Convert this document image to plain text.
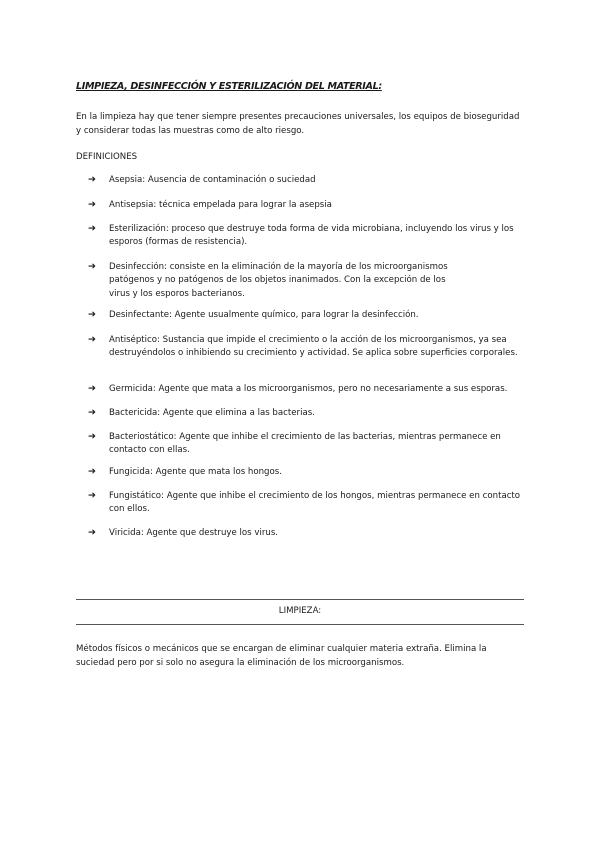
LIMPIEZA, DESINFECCIÓN Y ESTERILIZACIÓN DEL MATERIAL:
En la limpieza hay que tener siempre presentes precauciones universales, los equipos de bioseguridad y considerar todas las muestras como de alto riesgo.
DEFINICIONES
➔ Asepsia: Ausencia de contaminación o suciedad
➔ Antisepsia: técnica empelada para lograr la asepsia
➔ Esterilización: proceso que destruye toda forma de vida microbiana, incluyendo los virus y los esporos (formas de resistencia).
➔ Desinfección: consiste en la eliminación de la mayoría de los microorganismos patógenos y no patógenos de los objetos inanimados. Con la excepción de los virus y los esporos bacterianos.
➔ Desinfectante: Agente usualmente químico, para lograr la desinfección.
➔ Antiséptico: Sustancia que impide el crecimiento o la acción de los microorganismos, ya sea destruyéndolos o inhibiendo su crecimiento y actividad. Se aplica sobre superficies corporales.
➔ Germicida: Agente que mata a los microorganismos, pero no necesariamente a sus esporas.
➔ Bactericida: Agente que elimina a las bacterias.
➔ Bacteriostático: Agente que inhibe el crecimiento de las bacterias, mientras permanece en contacto con ellas.
➔ Fungicida: Agente que mata los hongos.
➔ Fungistático: Agente que inhibe el crecimiento de los hongos, mientras permanece en contacto con ellos.
➔ Viricida: Agente que destruye los virus.
LIMPIEZA:
Métodos físicos o mecánicos que se encargan de eliminar cualquier materia extraña. Elimina la suciedad pero por si solo no asegura la eliminación de los microorganismos.
